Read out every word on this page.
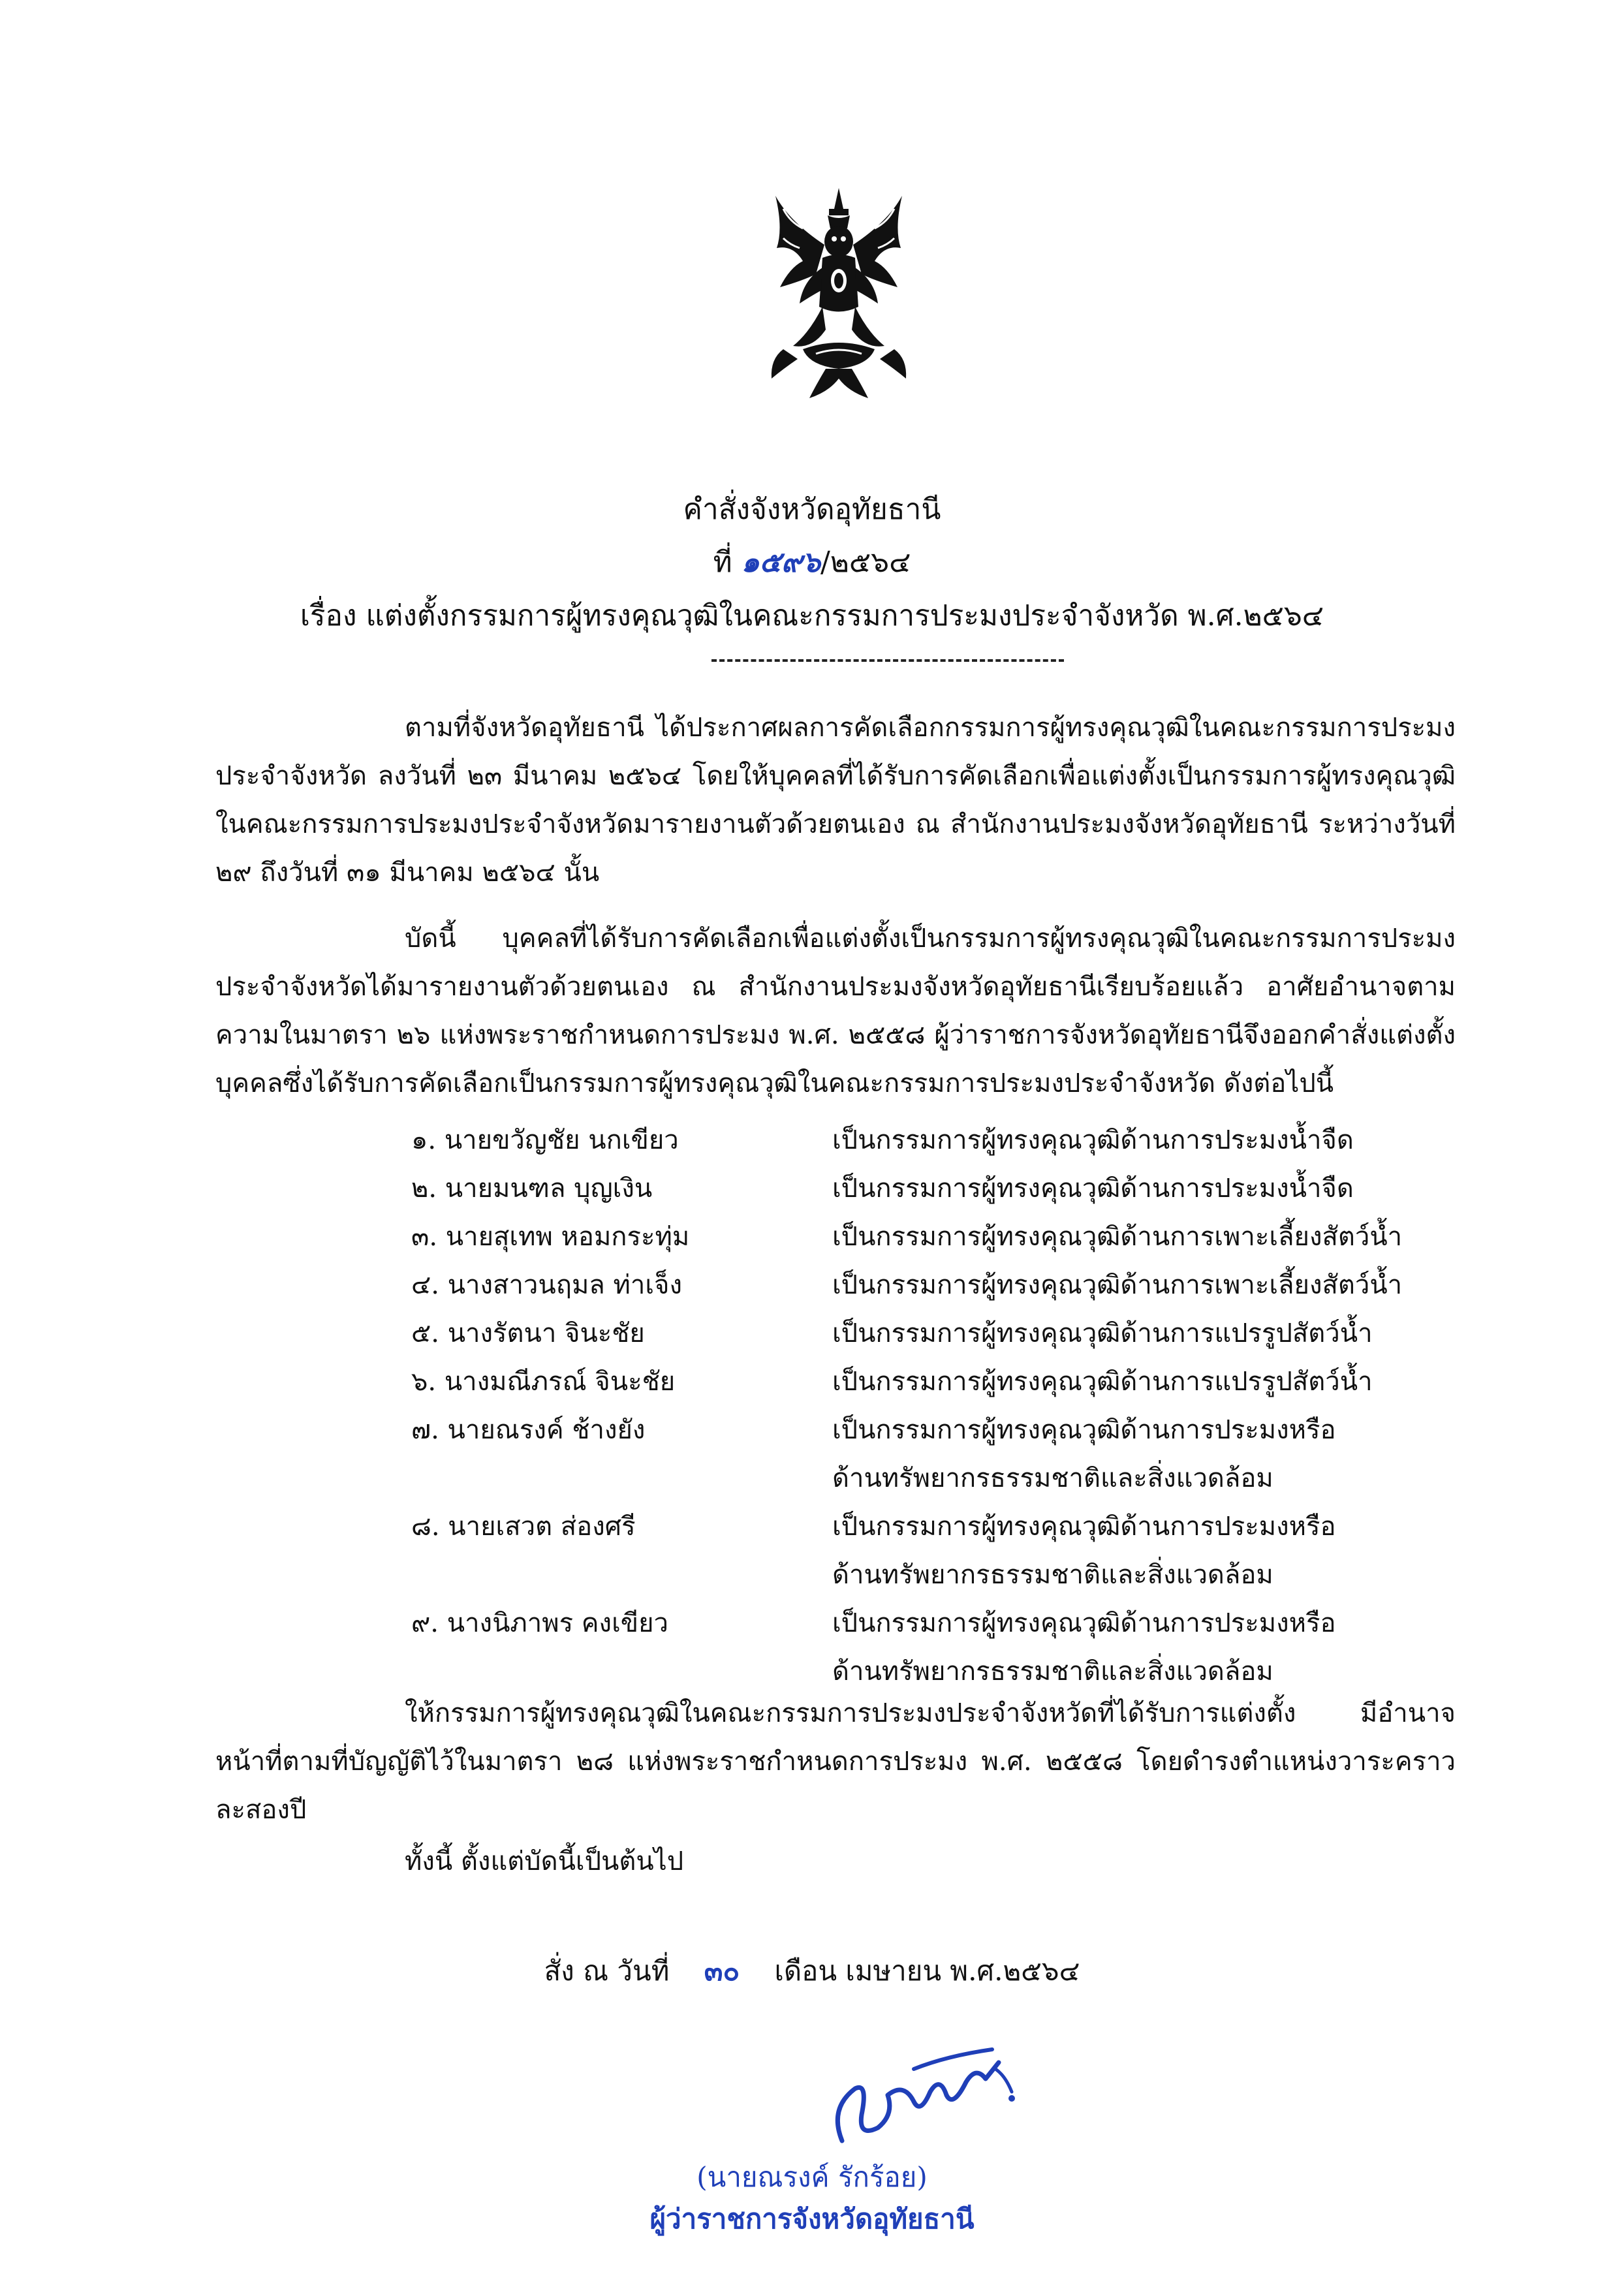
คำสั่งจังหวัดอุทัยธานี
ที่ ๑๕๙๖/๒๕๖๔
เรื่อง แต่งตั้งกรรมการผู้ทรงคุณวุฒิในคณะกรรมการประมงประจำจังหวัด พ.ศ.๒๕๖๔

ตามที่จังหวัดอุทัยธานี ได้ประกาศผลการคัดเลือกกรรมการผู้ทรงคุณวุฒิในคณะกรรมการประมงประจำจังหวัด ลงวันที่ ๒๓ มีนาคม ๒๕๖๔ โดยให้บุคคลที่ได้รับการคัดเลือกเพื่อแต่งตั้งเป็นกรรมการผู้ทรงคุณวุฒิในคณะกรรมการประมงประจำจังหวัดมารายงานตัวด้วยตนเอง ณ สำนักงานประมงจังหวัดอุทัยธานี ระหว่างวันที่ ๒๙ ถึงวันที่ ๓๑ มีนาคม ๒๕๖๔ นั้น

บัดนี้ บุคคลที่ได้รับการคัดเลือกเพื่อแต่งตั้งเป็นกรรมการผู้ทรงคุณวุฒิในคณะกรรมการประมงประจำจังหวัดได้มารายงานตัวด้วยตนเอง ณ สำนักงานประมงจังหวัดอุทัยธานีเรียบร้อยแล้ว อาศัยอำนาจตามความในมาตรา ๒๖ แห่งพระราชกำหนดการประมง พ.ศ. ๒๕๕๘ ผู้ว่าราชการจังหวัดอุทัยธานีจึงออกคำสั่งแต่งตั้งบุคคลซึ่งได้รับการคัดเลือกเป็นกรรมการผู้ทรงคุณวุฒิในคณะกรรมการประมงประจำจังหวัด ดังต่อไปนี้

๑. นายขวัญชัย นกเขียว	เป็นกรรมการผู้ทรงคุณวุฒิด้านการประมงน้ำจืด
๒. นายมนฑล บุญเงิน	เป็นกรรมการผู้ทรงคุณวุฒิด้านการประมงน้ำจืด
๓. นายสุเทพ หอมกระทุ่ม	เป็นกรรมการผู้ทรงคุณวุฒิด้านการเพาะเลี้ยงสัตว์น้ำ
๔. นางสาวนฤมล ท่าเจ็ง	เป็นกรรมการผู้ทรงคุณวุฒิด้านการเพาะเลี้ยงสัตว์น้ำ
๕. นางรัตนา จินะชัย	เป็นกรรมการผู้ทรงคุณวุฒิด้านการแปรรูปสัตว์น้ำ
๖. นางมณีภรณ์ จินะชัย	เป็นกรรมการผู้ทรงคุณวุฒิด้านการแปรรูปสัตว์น้ำ
๗. นายณรงค์ ช้างยัง	เป็นกรรมการผู้ทรงคุณวุฒิด้านการประมงหรือ
ด้านทรัพยากรธรรมชาติและสิ่งแวดล้อม
๘. นายเสวต ส่องศรี	เป็นกรรมการผู้ทรงคุณวุฒิด้านการประมงหรือ
ด้านทรัพยากรธรรมชาติและสิ่งแวดล้อม
๙. นางนิภาพร คงเขียว	เป็นกรรมการผู้ทรงคุณวุฒิด้านการประมงหรือ
ด้านทรัพยากรธรรมชาติและสิ่งแวดล้อม

ให้กรรมการผู้ทรงคุณวุฒิในคณะกรรมการประมงประจำจังหวัดที่ได้รับการแต่งตั้ง มีอำนาจหน้าที่ตามที่บัญญัติไว้ในมาตรา ๒๘ แห่งพระราชกำหนดการประมง พ.ศ. ๒๕๕๘ โดยดำรงตำแหน่งวาระคราวละสองปี

ทั้งนี้ ตั้งแต่บัดนี้เป็นต้นไป

สั่ง ณ วันที่ ๓๐ เดือน เมษายน พ.ศ.๒๕๖๔
(นายณรงค์ รักร้อย)
ผู้ว่าราชการจังหวัดอุทัยธานี
